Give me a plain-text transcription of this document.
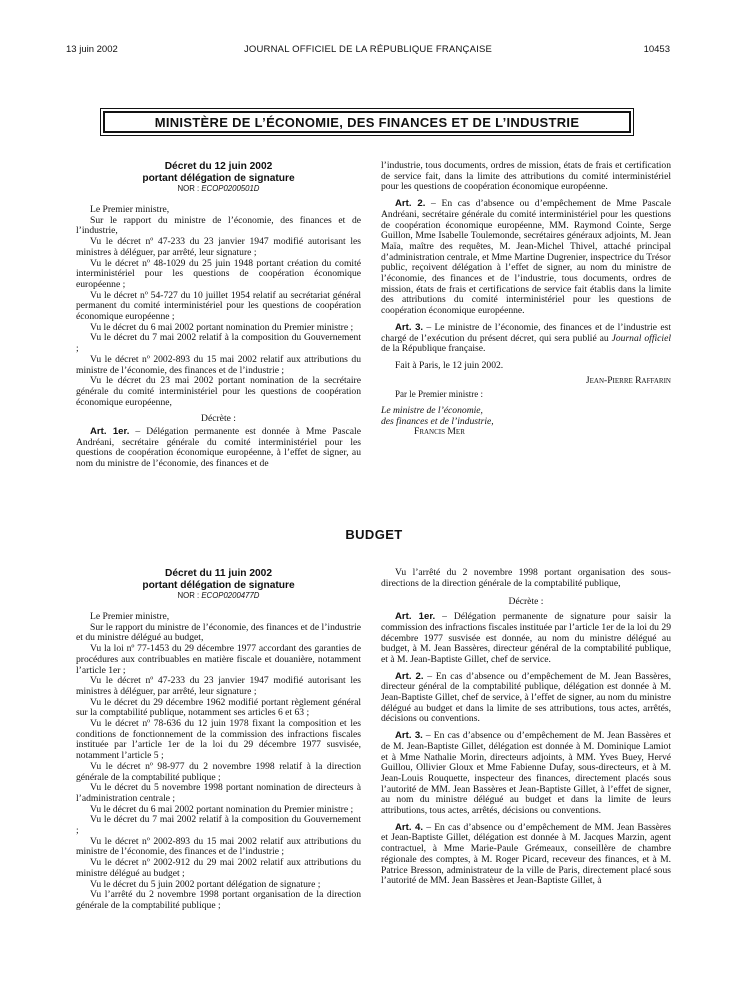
13 juin 2002	JOURNAL OFFICIEL DE LA RÉPUBLIQUE FRANÇAISE	10453
MINISTÈRE DE L’ÉCONOMIE, DES FINANCES ET DE L’INDUSTRIE
Décret du 12 juin 2002
portant délégation de signature
NOR : ECOP0200501D

Le Premier ministre,

Sur le rapport du ministre de l’économie, des finances et de l’industrie,

Vu le décret nº 47-233 du 23 janvier 1947 modifié autorisant les ministres à déléguer, par arrêté, leur signature ;

Vu le décret nº 48-1029 du 25 juin 1948 portant création du comité interministériel pour les questions de coopération économique européenne ;

Vu le décret nº 54-727 du 10 juillet 1954 relatif au secrétariat général permanent du comité interministériel pour les questions de coopération économique européenne ;

Vu le décret du 6 mai 2002 portant nomination du Premier ministre ;

Vu le décret du 7 mai 2002 relatif à la composition du Gouvernement ;

Vu le décret nº 2002-893 du 15 mai 2002 relatif aux attributions du ministre de l’économie, des finances et de l’industrie ;

Vu le décret du 23 mai 2002 portant nomination de la secrétaire générale du comité interministériel pour les questions de coopération économique européenne,

Décrète :

Art. 1er. – Délégation permanente est donnée à Mme Pascale Andréani, secrétaire générale du comité interministériel pour les questions de coopération économique européenne, à l’effet de signer, au nom du ministre de l’économie, des finances et de

l’industrie, tous documents, ordres de mission, états de frais et certification de service fait, dans la limite des attributions du comité interministériel pour les questions de coopération économique européenne.

Art. 2. – En cas d’absence ou d’empêchement de Mme Pascale Andréani, secrétaire générale du comité interministériel pour les questions de coopération économique européenne, MM. Raymond Cointe, Serge Guillon, Mme Isabelle Toulemonde, secrétaires généraux adjoints, M. Jean Maïa, maître des requêtes, M. Jean-Michel Thivel, attaché principal d’administration centrale, et Mme Martine Dugrenier, inspectrice du Trésor public, reçoivent délégation à l’effet de signer, au nom du ministre de l’économie, des finances et de l’industrie, tous documents, ordres de mission, états de frais et certifications de service fait établis dans la limite des attributions du comité interministériel pour les questions de coopération économique européenne.

Art. 3. – Le ministre de l’économie, des finances et de l’industrie est chargé de l’exécution du présent décret, qui sera publié au Journal officiel de la République française.

Fait à Paris, le 12 juin 2002.

Jean-Pierre Raffarin

Par le Premier ministre :

Le ministre de l’économie,

des finances et de l’industrie,

Francis Mer

BUDGET
Décret du 11 juin 2002
portant délégation de signature
NOR : ECOP0200477D

Le Premier ministre,

Sur le rapport du ministre de l’économie, des finances et de l’industrie et du ministre délégué au budget,

Vu la loi nº 77-1453 du 29 décembre 1977 accordant des garanties de procédures aux contribuables en matière fiscale et douanière, notamment l’article 1er ;

Vu le décret nº 47-233 du 23 janvier 1947 modifié autorisant les ministres à déléguer, par arrêté, leur signature ;

Vu le décret du 29 décembre 1962 modifié portant règlement général sur la comptabilité publique, notamment ses articles 6 et 63 ;

Vu le décret nº 78-636 du 12 juin 1978 fixant la composition et les conditions de fonctionnement de la commission des infractions fiscales instituée par l’article 1er de la loi du 29 décembre 1977 susvisée, notamment l’article 5 ;

Vu le décret nº 98-977 du 2 novembre 1998 relatif à la direction générale de la comptabilité publique ;

Vu le décret du 5 novembre 1998 portant nomination de directeurs à l’administration centrale ;

Vu le décret du 6 mai 2002 portant nomination du Premier ministre ;

Vu le décret du 7 mai 2002 relatif à la composition du Gouvernement ;

Vu le décret nº 2002-893 du 15 mai 2002 relatif aux attributions du ministre de l’économie, des finances et de l’industrie ;

Vu le décret nº 2002-912 du 29 mai 2002 relatif aux attributions du ministre délégué au budget ;

Vu le décret du 5 juin 2002 portant délégation de signature ;

Vu l’arrêté du 2 novembre 1998 portant organisation de la direction générale de la comptabilité publique ;

Vu l’arrêté du 2 novembre 1998 portant organisation des sous-directions de la direction générale de la comptabilité publique,

Décrète :

Art. 1er. – Délégation permanente de signature pour saisir la commission des infractions fiscales instituée par l’article 1er de la loi du 29 décembre 1977 susvisée est donnée, au nom du ministre délégué au budget, à M. Jean Bassères, directeur général de la comptabilité publique, et à M. Jean-Baptiste Gillet, chef de service.

Art. 2. – En cas d’absence ou d’empêchement de M. Jean Bassères, directeur général de la comptabilité publique, délégation est donnée à M. Jean-Baptiste Gillet, chef de service, à l’effet de signer, au nom du ministre délégué au budget et dans la limite de ses attributions, tous actes, arrêtés, décisions ou conventions.

Art. 3. – En cas d’absence ou d’empêchement de M. Jean Bassères et de M. Jean-Baptiste Gillet, délégation est donnée à M. Dominique Lamiot et à Mme Nathalie Morin, directeurs adjoints, à MM. Yves Buey, Hervé Guillou, Ollivier Gloux et Mme Fabienne Dufay, sous-directeurs, et à M. Jean-Louis Rouquette, inspecteur des finances, directement placés sous l’autorité de MM. Jean Bassères et Jean-Baptiste Gillet, à l’effet de signer, au nom du ministre délégué au budget et dans la limite de leurs attributions, tous actes, arrêtés, décisions ou conventions.

Art. 4. – En cas d’absence ou d’empêchement de MM. Jean Bassères et Jean-Baptiste Gillet, délégation est donnée à M. Jacques Marzin, agent contractuel, à Mme Marie-Paule Grémeaux, conseillère de chambre régionale des comptes, à M. Roger Picard, receveur des finances, et à M. Patrice Bresson, administrateur de la ville de Paris, directement placé sous l’autorité de MM. Jean Bassères et Jean-Baptiste Gillet, à
